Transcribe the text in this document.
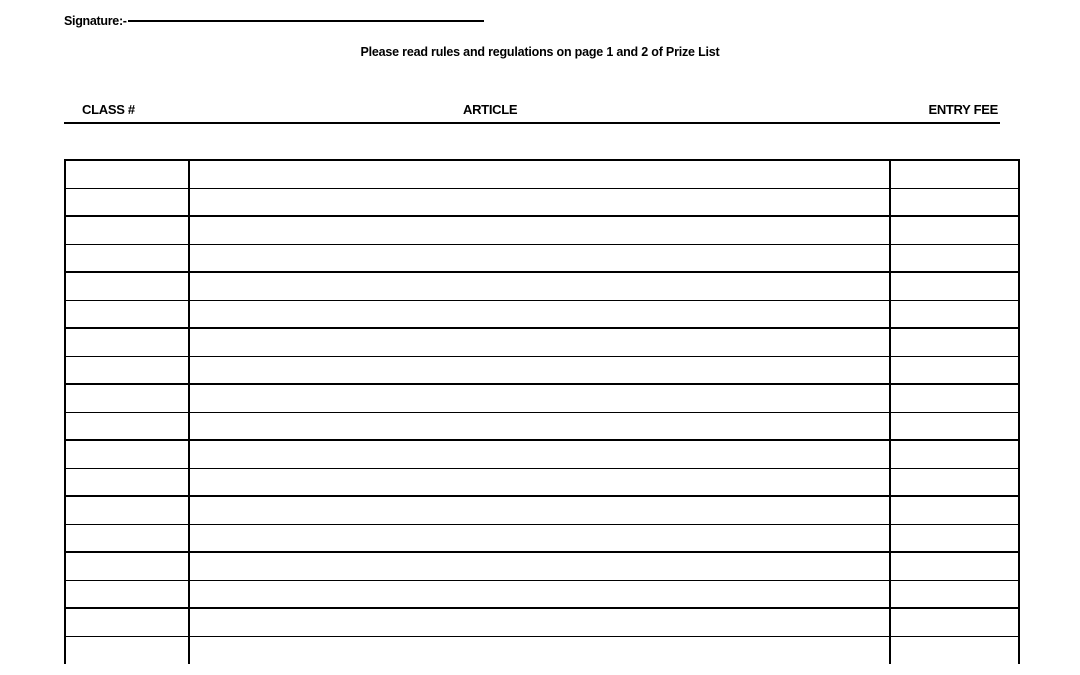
Signature:-
Please read rules and regulations on page 1 and 2 of Prize List
CLASS #	ARTICLE	ENTRY FEE
